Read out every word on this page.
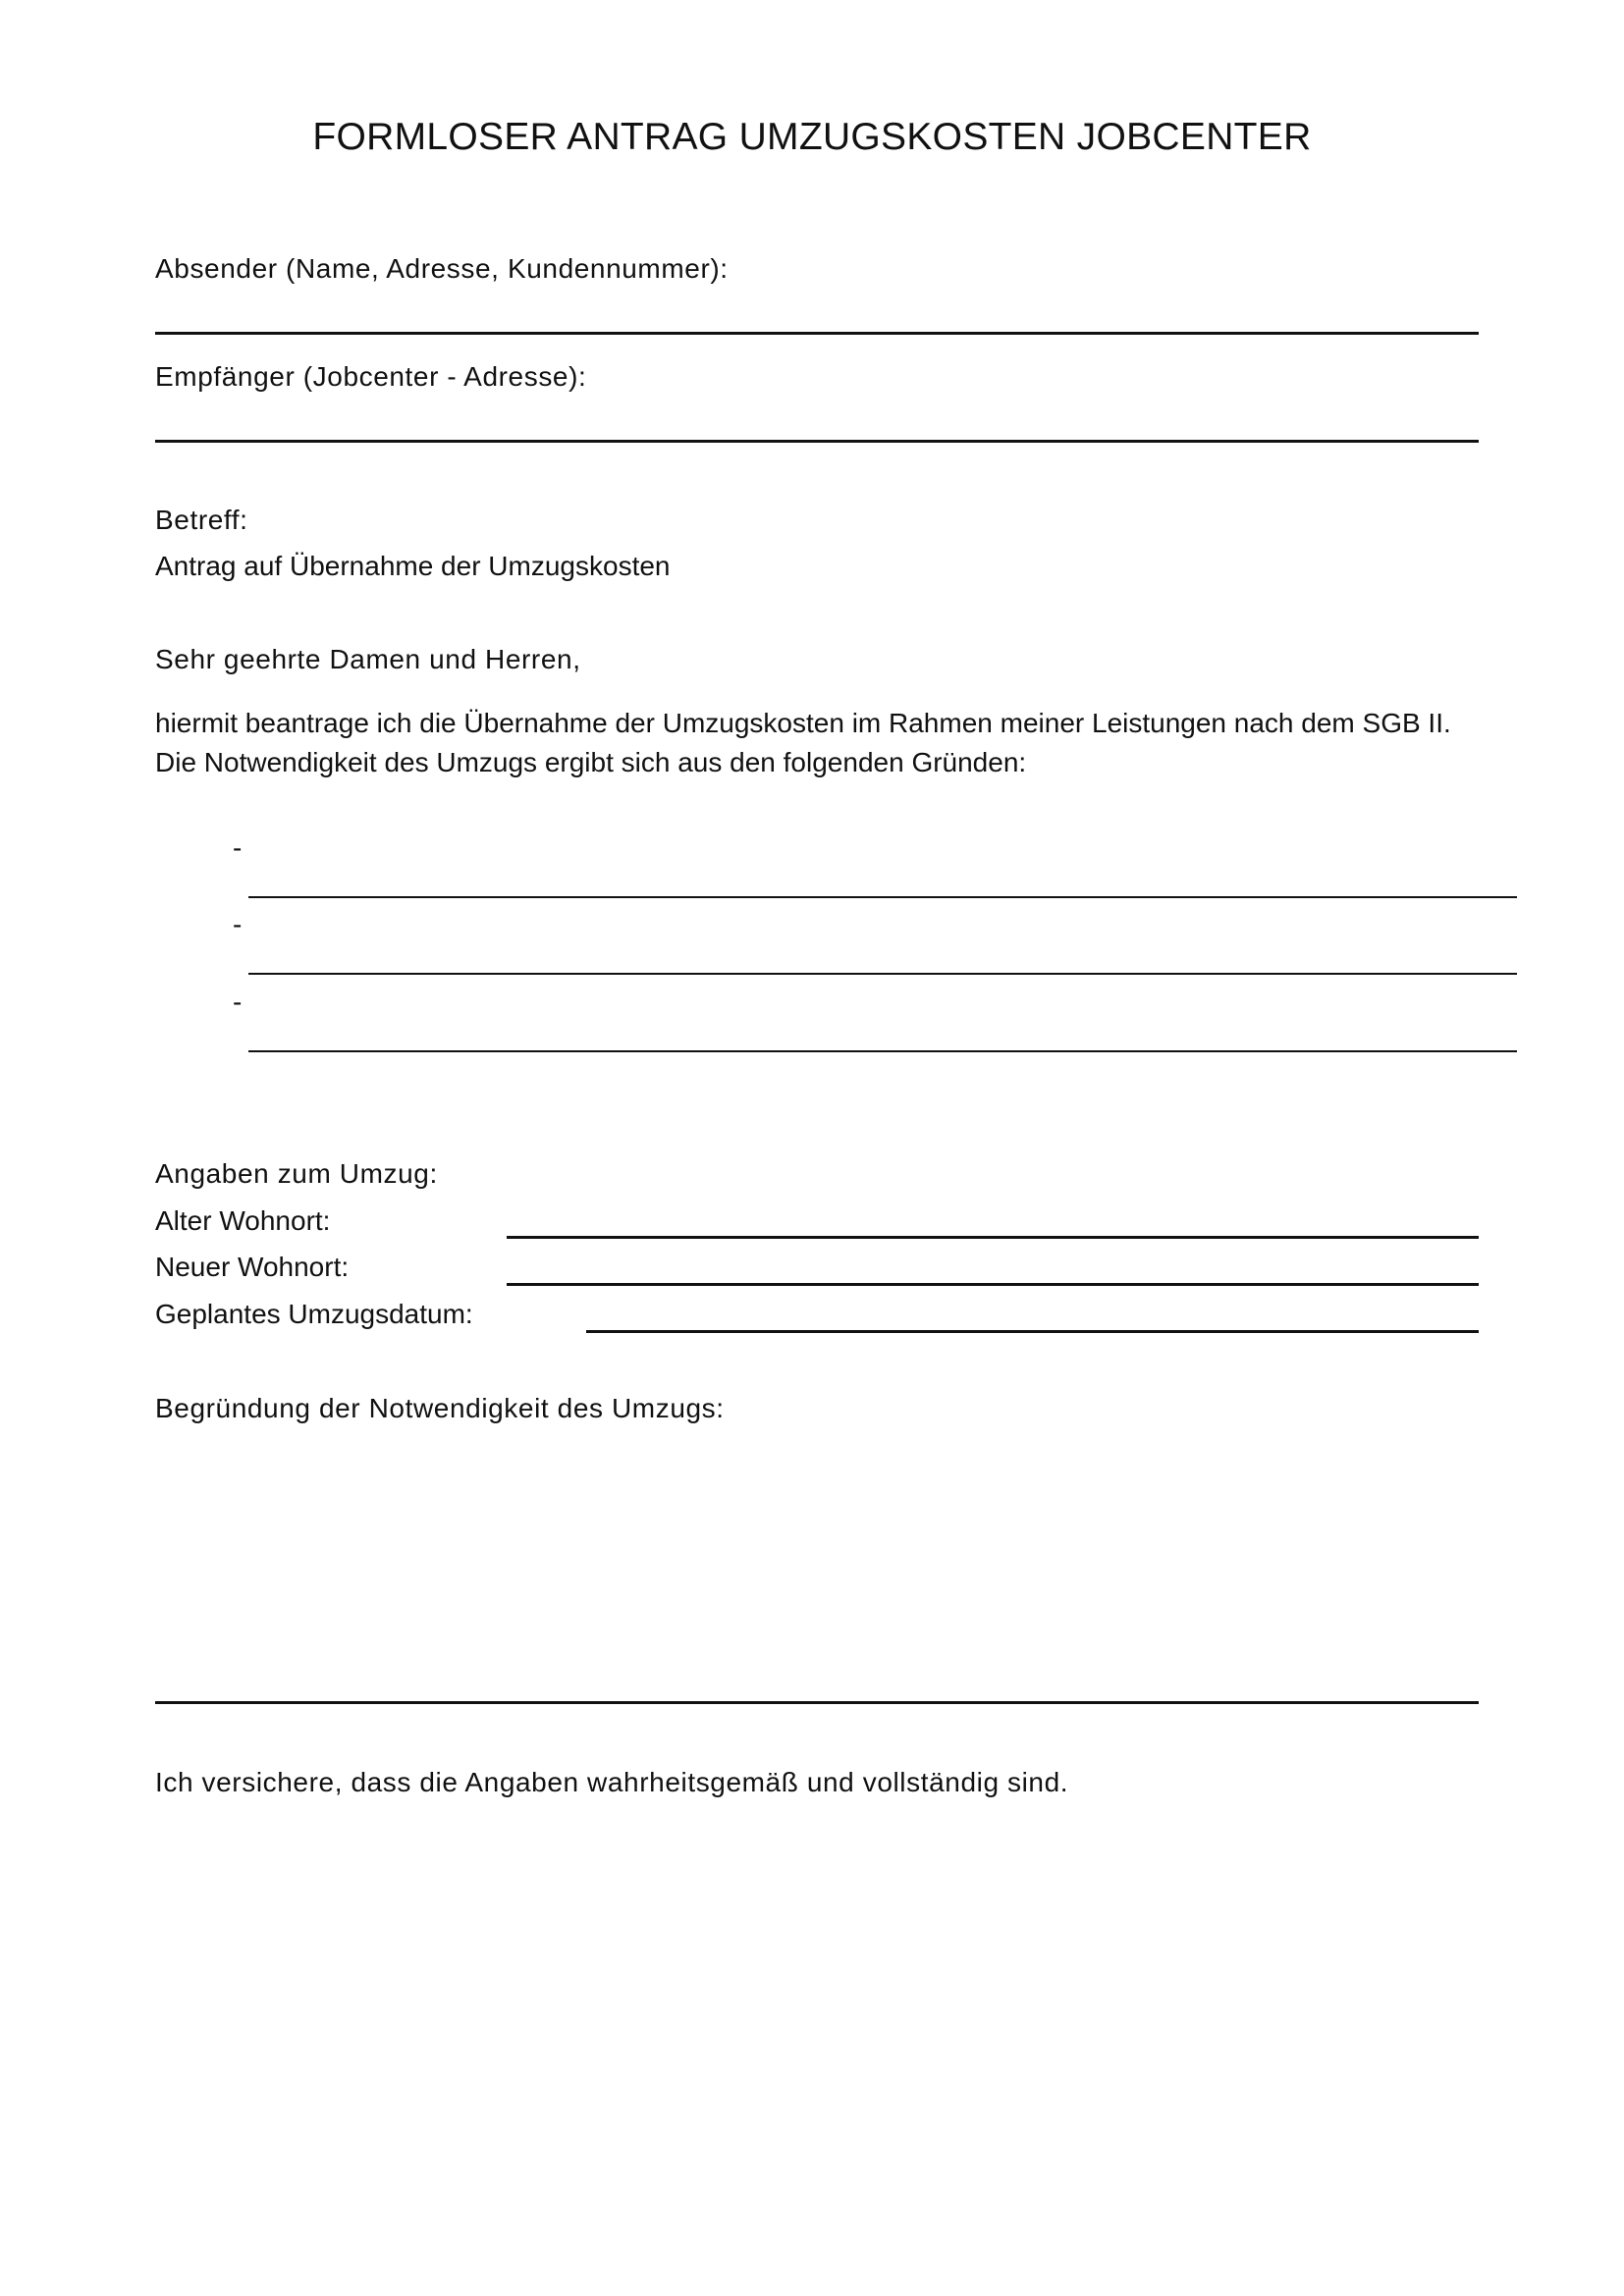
FORMLOSER ANTRAG UMZUGSKOSTEN JOBCENTER
Absender (Name, Adresse, Kundennummer):
Empfänger (Jobcenter - Adresse):
Betreff:
Antrag auf Übernahme der Umzugskosten
Sehr geehrte Damen und Herren,
hiermit beantrage ich die Übernahme der Umzugskosten im Rahmen meiner Leistungen nach dem SGB II.
Die Notwendigkeit des Umzugs ergibt sich aus den folgenden Gründen:
-
-
-
Angaben zum Umzug:
Alter Wohnort:
Neuer Wohnort:
Geplantes Umzugsdatum:
Begründung der Notwendigkeit des Umzugs:
Ich versichere, dass die Angaben wahrheitsgemäß und vollständig sind.
